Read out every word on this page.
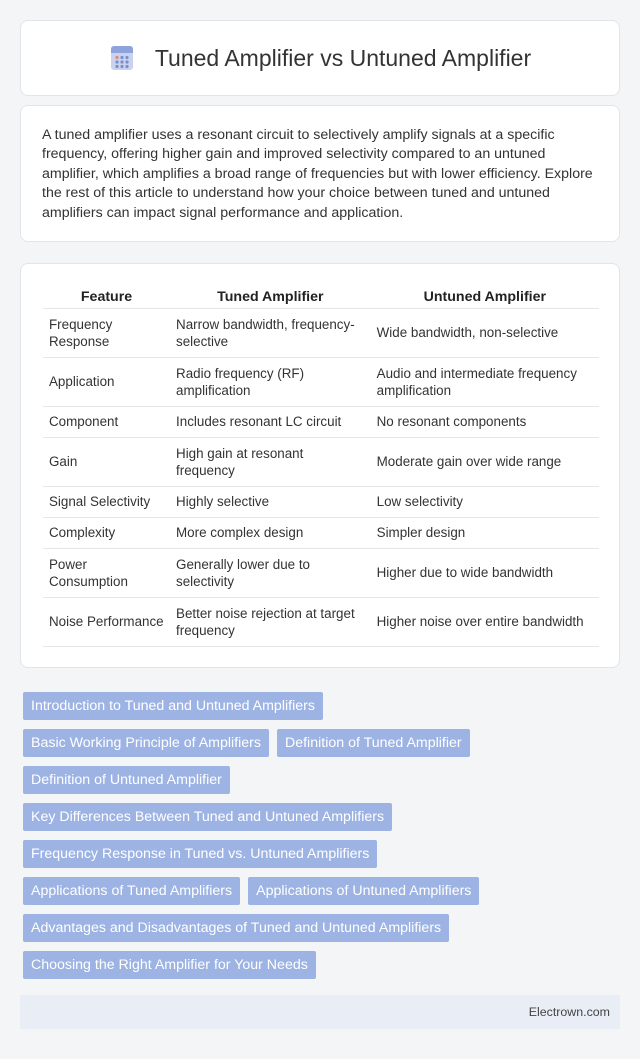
Tuned Amplifier vs Untuned Amplifier

A tuned amplifier uses a resonant circuit to selectively amplify signals at a specific frequency, offering higher gain and improved selectivity compared to an untuned amplifier, which amplifies a broad range of frequencies but with lower efficiency. Explore the rest of this article to understand how your choice between tuned and untuned amplifiers can impact signal performance and application.

Feature	Tuned Amplifier	Untuned Amplifier
Frequency Response	Narrow bandwidth, frequency-selective	Wide bandwidth, non-selective
Application	Radio frequency (RF) amplification	Audio and intermediate frequency amplification
Component	Includes resonant LC circuit	No resonant components
Gain	High gain at resonant frequency	Moderate gain over wide range
Signal Selectivity	Highly selective	Low selectivity
Complexity	More complex design	Simpler design
Power Consumption	Generally lower due to selectivity	Higher due to wide bandwidth
Noise Performance	Better noise rejection at target frequency	Higher noise over entire bandwidth
Introduction to Tuned and Untuned Amplifiers
Basic Working Principle of Amplifiers	Definition of Tuned Amplifier
Definition of Untuned Amplifier
Key Differences Between Tuned and Untuned Amplifiers
Frequency Response in Tuned vs. Untuned Amplifiers
Applications of Tuned Amplifiers	Applications of Untuned Amplifiers
Advantages and Disadvantages of Tuned and Untuned Amplifiers
Choosing the Right Amplifier for Your Needs
Electrown.com
